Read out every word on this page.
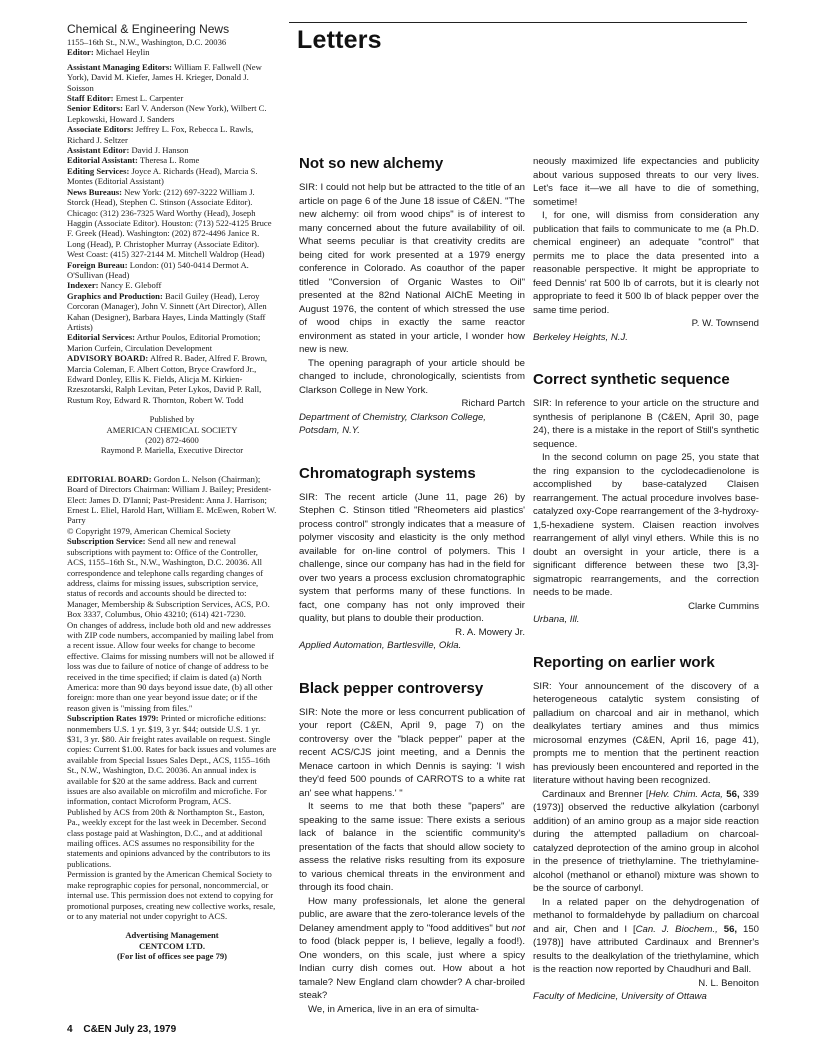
Chemical & Engineering News

1155–16th St., N.W., Washington, D.C. 20036

Editor: Michael Heylin

Assistant Managing Editors: William F. Fallwell (New York), David M. Kiefer, James H. Krieger, Donald J. Soisson

Staff Editor: Ernest L. Carpenter

Senior Editors: Earl V. Anderson (New York), Wilbert C. Lepkowski, Howard J. Sanders

Associate Editors: Jeffrey L. Fox, Rebecca L. Rawls, Richard J. Seltzer

Assistant Editor: David J. Hanson

Editorial Assistant: Theresa L. Rome

Editing Services: Joyce A. Richards (Head), Marcia S. Montes (Editorial Assistant)

News Bureaus: New York: (212) 697-3222 William J. Storck (Head), Stephen C. Stinson (Associate Editor). Chicago: (312) 236-7325 Ward Worthy (Head), Joseph Haggin (Associate Editor). Houston: (713) 522-4125 Bruce F. Greek (Head). Washington: (202) 872-4496 Janice R. Long (Head), P. Christopher Murray (Associate Editor). West Coast: (415) 327-2144 M. Mitchell Waldrop (Head)

Foreign Bureau: London: (01) 540-0414 Dermot A. O'Sullivan (Head)

Indexer: Nancy E. Gleboff

Graphics and Production: Bacil Guiley (Head), Leroy Corcoran (Manager), John V. Sinnett (Art Director), Allen Kahan (Designer), Barbara Hayes, Linda Mattingly (Staff Artists)

Editorial Services: Arthur Poulos, Editorial Promotion; Marion Curfein, Circulation Development

ADVISORY BOARD: Alfred R. Bader, Alfred F. Brown, Marcia Coleman, F. Albert Cotton, Bryce Crawford Jr., Edward Donley, Ellis K. Fields, Alicja M. Kirkien-Rzeszotarski, Ralph Levitan, Peter Lykos, David P. Rall, Rustum Roy, Edward R. Thornton, Robert W. Todd

Published by

AMERICAN CHEMICAL SOCIETY

(202) 872-4600

Raymond P. Mariella, Executive Director

EDITORIAL BOARD: Gordon L. Nelson (Chairman); Board of Directors Chairman: William J. Bailey; President-Elect: James D. D'Ianni; Past-President: Anna J. Harrison; Ernest L. Eliel, Harold Hart, William E. McEwen, Robert W. Parry

© Copyright 1979, American Chemical Society

Subscription Service: Send all new and renewal subscriptions with payment to: Office of the Controller, ACS, 1155–16th St., N.W., Washington, D.C. 20036. All correspondence and telephone calls regarding changes of address, claims for missing issues, subscription service, status of records and accounts should be directed to: Manager, Membership & Subscription Services, ACS, P.O. Box 3337, Columbus, Ohio 43210; (614) 421-7230.

On changes of address, include both old and new addresses with ZIP code numbers, accompanied by mailing label from a recent issue. Allow four weeks for change to become effective. Claims for missing numbers will not be allowed if loss was due to failure of notice of change of address to be received in the time specified; if claim is dated (a) North America: more than 90 days beyond issue date, (b) all other foreign: more than one year beyond issue date; or if the reason given is "missing from files."

Subscription Rates 1979: Printed or microfiche editions: nonmembers U.S. 1 yr. $19, 3 yr. $44; outside U.S. 1 yr. $31, 3 yr. $80. Air freight rates available on request. Single copies: Current $1.00. Rates for back issues and volumes are available from Special Issues Sales Dept., ACS, 1155–16th St., N.W., Washington, D.C. 20036. An annual index is available for $20 at the same address. Back and current issues are also available on microfilm and microfiche. For information, contact Microform Program, ACS.

Published by ACS from 20th & Northampton St., Easton, Pa., weekly except for the last week in December. Second class postage paid at Washington, D.C., and at additional mailing offices. ACS assumes no responsibility for the statements and opinions advanced by the contributors to its publications.

Permission is granted by the American Chemical Society to make reprographic copies for personal, noncommercial, or internal use. This permission does not extend to copying for promotional purposes, creating new collective works, resale, or to any material not under copyright to ACS.

Advertising Management

CENTCOM LTD.

(For list of offices see page 79)

Letters
Not so new alchemy

SIR: I could not help but be attracted to the title of an article on page 6 of the June 18 issue of C&EN. "The new alchemy: oil from wood chips" is of interest to many concerned about the future availability of oil. What seems peculiar is that creativity credits are being cited for work presented at a 1979 energy conference in Colorado. As coauthor of the paper titled "Conversion of Organic Wastes to Oil" presented at the 82nd National AIChE Meeting in August 1976, the content of which stressed the use of wood chips in exactly the same reactor environment as stated in your article, I wonder how new is new.

The opening paragraph of your article should be changed to include, chronologically, scientists from Clarkson College in New York.

Richard Partch

Department of Chemistry, Clarkson College, Potsdam, N.Y.

Chromatograph systems

SIR: The recent article (June 11, page 26) by Stephen C. Stinson titled "Rheometers aid plastics' process control" strongly indicates that a measure of polymer viscosity and elasticity is the only method available for on-line control of polymers. This I challenge, since our company has had in the field for over two years a process exclusion chromatographic system that performs many of these functions. In fact, one company has not only improved their quality, but plans to double their production.

R. A. Mowery Jr.

Applied Automation, Bartlesville, Okla.

Black pepper controversy

SIR: Note the more or less concurrent publication of your report (C&EN, April 9, page 7) on the controversy over the "black pepper" paper at the recent ACS/CJS joint meeting, and a Dennis the Menace cartoon in which Dennis is saying: 'I wish they'd feed 500 pounds of CARROTS to a white rat an' see what happens.' "

It seems to me that both these "papers" are speaking to the same issue: There exists a serious lack of balance in the scientific community's presentation of the facts that should allow society to assess the relative risks resulting from its exposure to various chemical threats in the environment and through its food chain.

How many professionals, let alone the general public, are aware that the zero-tolerance levels of the Delaney amendment apply to "food additives" but not to food (black pepper is, I believe, legally a food!). One wonders, on this scale, just where a spicy Indian curry dish comes out. How about a hot tamale? New England clam chowder? A char-broiled steak?

We, in America, live in an era of simulta-

neously maximized life expectancies and publicity about various supposed threats to our very lives. Let's face it—we all have to die of something, sometime!

I, for one, will dismiss from consideration any publication that fails to communicate to me (a Ph.D. chemical engineer) an adequate "control" that permits me to place the data presented into a reasonable perspective. It might be appropriate to feed Dennis' rat 500 lb of carrots, but it is clearly not appropriate to feed it 500 lb of black pepper over the same time period.

P. W. Townsend

Berkeley Heights, N.J.

Correct synthetic sequence

SIR: In reference to your article on the structure and synthesis of periplanone B (C&EN, April 30, page 24), there is a mistake in the report of Still's synthetic sequence.

In the second column on page 25, you state that the ring expansion to the cyclodecadienolone is accomplished by base-catalyzed Claisen rearrangement. The actual procedure involves base-catalyzed oxy-Cope rearrangement of the 3-hydroxy-1,5-hexadiene system. Claisen reaction involves rearrangement of allyl vinyl ethers. While this is no doubt an oversight in your article, there is a significant difference between these two [3,3]-sigmatropic rearrangements, and the correction needs to be made.

Clarke Cummins

Urbana, Ill.

Reporting on earlier work

SIR: Your announcement of the discovery of a heterogeneous catalytic system consisting of palladium on charcoal and air in methanol, which dealkylates tertiary amines and thus mimics microsomal enzymes (C&EN, April 16, page 41), prompts me to mention that the pertinent reaction has previously been encountered and reported in the literature without having been recognized.

Cardinaux and Brenner [Helv. Chim. Acta, 56, 339 (1973)] observed the reductive alkylation (carbonyl addition) of an amino group as a major side reaction during the attempted palladium on charcoal-catalyzed deprotection of the amino group in alcohol in the presence of triethylamine. The triethylamine-alcohol (methanol or ethanol) mixture was shown to be the source of carbonyl.

In a related paper on the dehydrogenation of methanol to formaldehyde by palladium on charcoal and air, Chen and I [Can. J. Biochem., 56, 150 (1978)] have attributed Cardinaux and Brenner's results to the dealkylation of the triethylamine, which is the reaction now reported by Chaudhuri and Ball.

N. L. Benoiton

Faculty of Medicine, University of Ottawa

4 C&EN July 23, 1979
